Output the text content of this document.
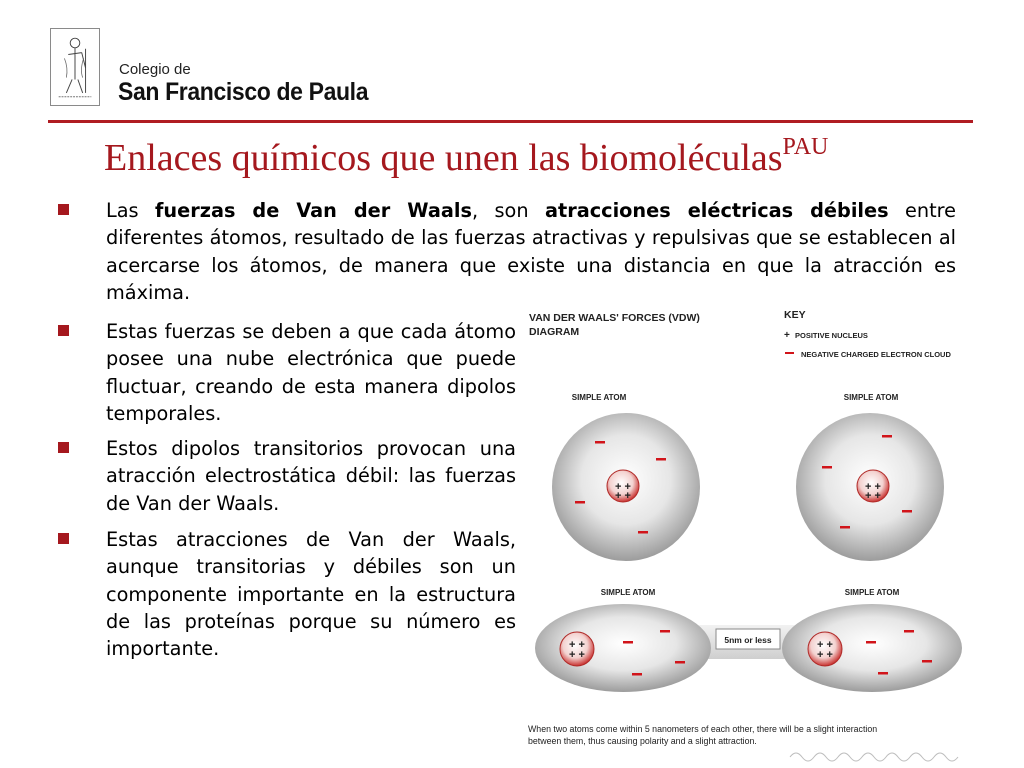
Colegio de
San Francisco de Paula
Enlaces químicos que unen las biomoléculas$^{PAU}$

Las fuerzas de Van der Waals, son atracciones eléctricas débiles entre diferentes átomos, resultado de las fuerzas atractivas y repulsivas que se establecen al acercarse los átomos, de manera que existe una distancia en que la atracción es máxima.

Estas fuerzas se deben a que cada átomo posee una nube electrónica que puede fluctuar, creando de esta manera dipolos temporales.

Estos dipolos transitorios provocan una atracción electrostática débil: las fuerzas de Van der Waals.

Estas atracciones de Van der Waals, aunque transitorias y débiles son un componente importante en la estructura de las proteínas porque su número es importante.

VAN DER WAALS' FORCES (VDW)
DIAGRAM
KEY
+ POSITIVE NUCLEUS
NEGATIVE CHARGED ELECTRON CLOUD
SIMPLE ATOM
+ +
+ +
SIMPLE ATOM
+ +
+ +
SIMPLE ATOM	SIMPLE ATOM
5nm or less
+ +
+ +
+ +
+ +
When two atoms come within 5 nanometers of each other, there will be a slight interaction
between them, thus causing polarity and a slight attraction.
